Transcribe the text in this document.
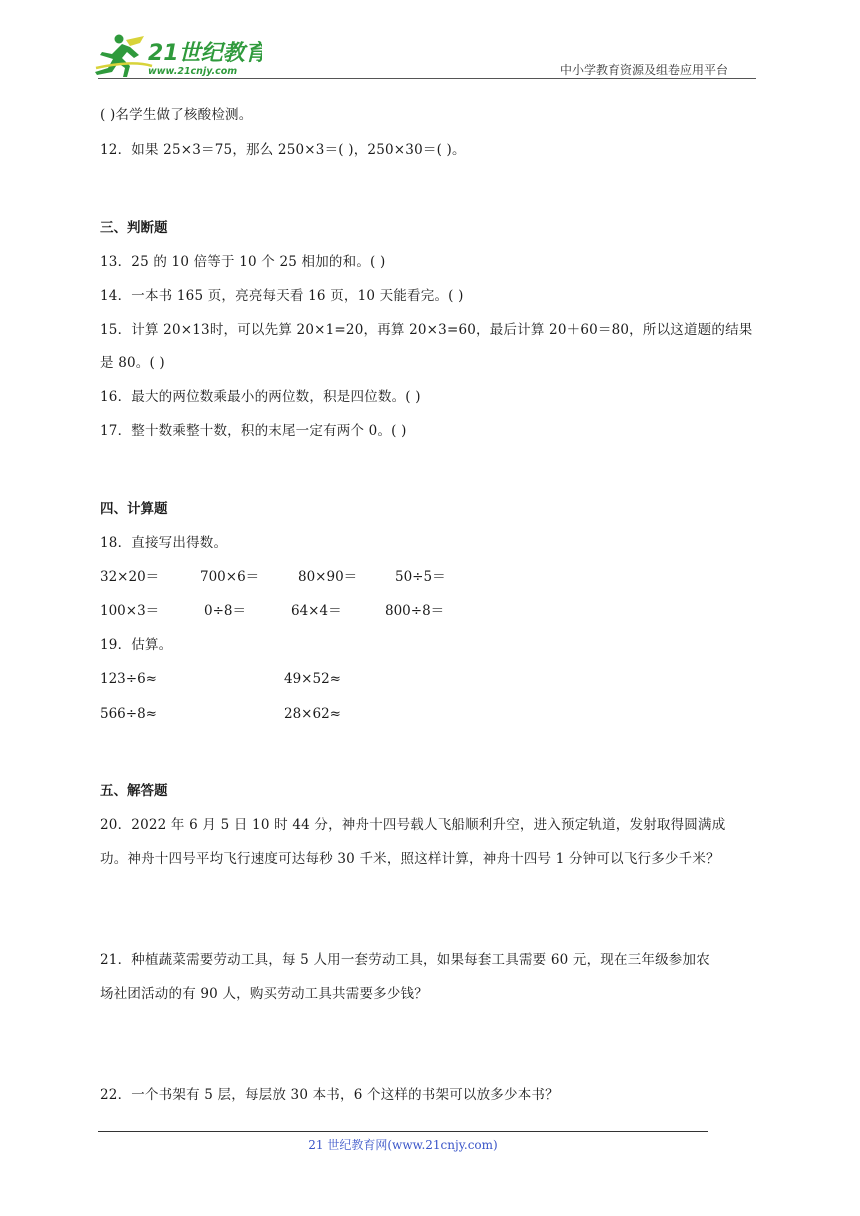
21世纪教育
www.21cnjy.com	中小学教育资源及组卷应用平台
( )名学生做了核酸检测。
12．如果 25×3＝75，那么 250×3＝( )，250×30＝( )。
三、判断题
13．25 的 10 倍等于 10 个 25 相加的和。( )
14．一本书 165 页，亮亮每天看 16 页，10 天能看完。( )
15．计算 20×13时，可以先算 20×1=20，再算 20×3=60，最后计算 20＋60＝80，所以这道题的结果
是 80。( )
16．最大的两位数乘最小的两位数，积是四位数。( )
17．整十数乘整十数，积的末尾一定有两个 0。( )
四、计算题
18．直接写出得数。
32×20＝	700×6＝	80×90＝	50÷5＝
100×3＝	0÷8＝	64×4＝	800÷8＝
19．估算。
123÷6≈	49×52≈
566÷8≈	28×62≈
五、解答题
20．2022 年 6 月 5 日 10 时 44 分，神舟十四号载人飞船顺利升空，进入预定轨道，发射取得圆满成
功。神舟十四号平均飞行速度可达每秒 30 千米，照这样计算，神舟十四号 1 分钟可以飞行多少千米？
21．种植蔬菜需要劳动工具，每 5 人用一套劳动工具，如果每套工具需要 60 元，现在三年级参加农
场社团活动的有 90 人，购买劳动工具共需要多少钱？
22．一个书架有 5 层，每层放 30 本书，6 个这样的书架可以放多少本书？
21 世纪教育网(www.21cnjy.com)
